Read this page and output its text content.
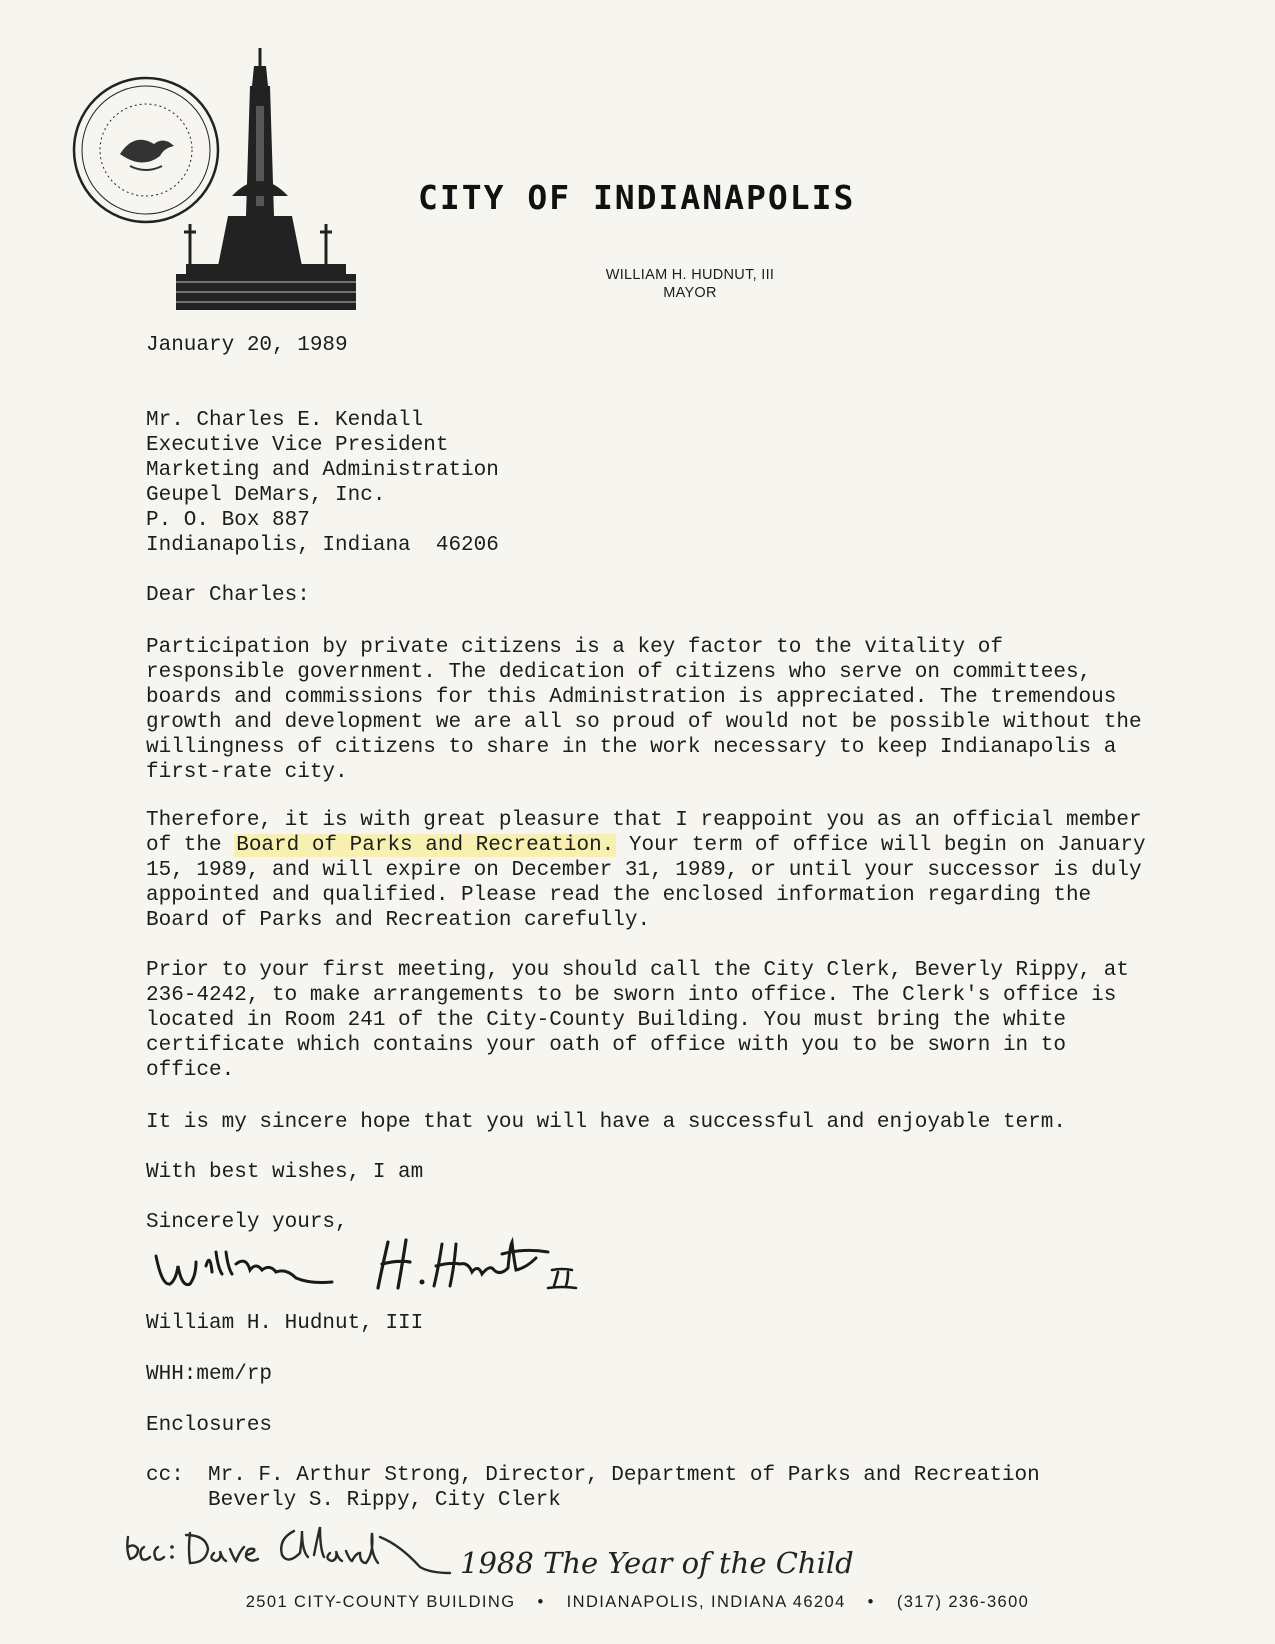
CITY OF INDIANAPOLIS
WILLIAM H. HUDNUT, III
MAYOR
January 20, 1989
Mr. Charles E. Kendall
Executive Vice President
Marketing and Administration
Geupel DeMars, Inc.
P. O. Box 887
Indianapolis, Indiana  46206
Dear Charles:
Participation by private citizens is a key factor to the vitality of responsible government. The dedication of citizens who serve on committees, boards and commissions for this Administration is appreciated. The tremendous growth and development we are all so proud of would not be possible without the willingness of citizens to share in the work necessary to keep Indianapolis a first-rate city.
Therefore, it is with great pleasure that I reappoint you as an official member of the Board of Parks and Recreation. Your term of office will begin on January 15, 1989, and will expire on December 31, 1989, or until your successor is duly appointed and qualified. Please read the enclosed information regarding the Board of Parks and Recreation carefully.
Prior to your first meeting, you should call the City Clerk, Beverly Rippy, at 236-4242, to make arrangements to be sworn into office. The Clerk's office is located in Room 241 of the City-County Building. You must bring the white certificate which contains your oath of office with you to be sworn in to office.
It is my sincere hope that you will have a successful and enjoyable term.
With best wishes, I am
Sincerely yours,
William H. Hudnut, III
WHH:mem/rp
Enclosures
cc:	Mr. F. Arthur Strong, Director, Department of Parks and Recreation
Beverly S. Rippy, City Clerk
1988 The Year of the Child
2501 CITY-COUNTY BUILDING • INDIANAPOLIS, INDIANA 46204 • (317) 236-3600
